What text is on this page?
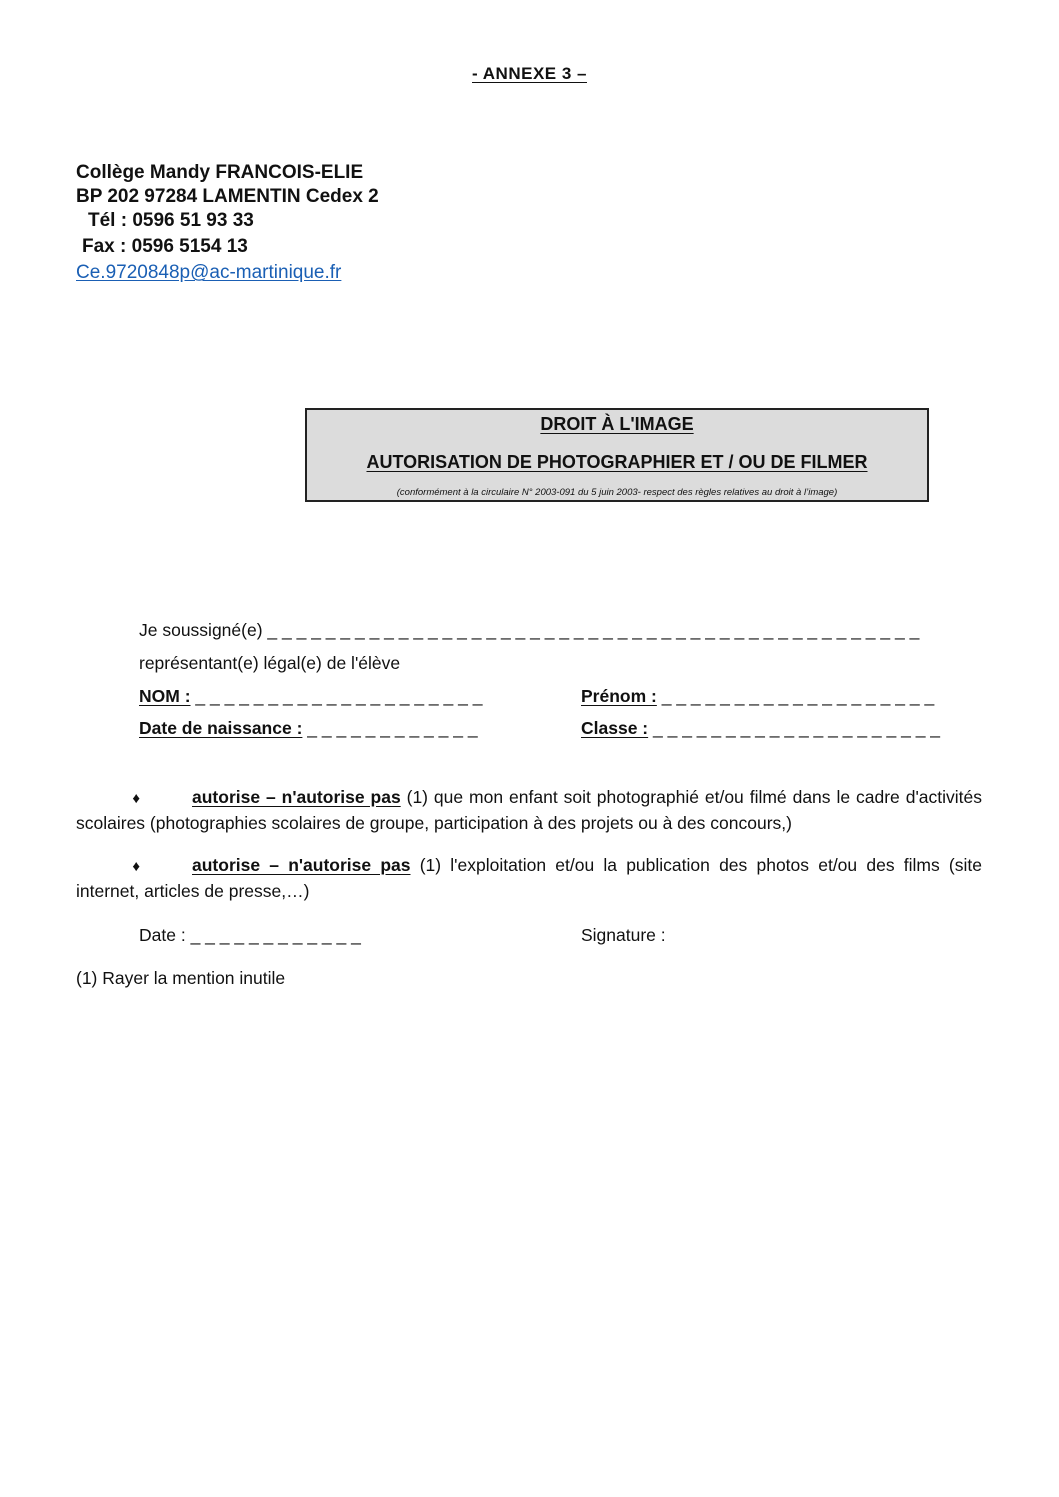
- ANNEXE 3 –
Collège Mandy FRANCOIS-ELIE
BP 202 97284 LAMENTIN Cedex 2
Tél : 0596 51 93 33
Fax : 0596 5154 13
Ce.9720848p@ac-martinique.fr
DROIT À L'IMAGE
AUTORISATION DE PHOTOGRAPHIER ET / OU DE FILMER
(conformément à la circulaire N° 2003-091 du 5 juin 2003- respect des règles relatives au droit à l’image)
Je soussigné(e) _ _ _ _ _ _ _ _ _ _ _ _ _ _ _ _ _ _ _ _ _ _ _ _ _ _ _ _ _ _ _ _ _ _ _ _ _ _ _ _ _ _ _ _ _
représentant(e) légal(e) de l'élève
NOM : _ _ _ _ _ _ _ _ _ _ _ _ _ _ _ _ _ _ _ _	Prénom : _ _ _ _ _ _ _ _ _ _ _ _ _ _ _ _ _ _ _
Date de naissance : _ _ _ _ _ _ _ _ _ _ _ _	Classe : _ _ _ _ _ _ _ _ _ _ _ _ _ _ _ _ _ _ _ _
♦	autorise – n'autorise pas (1) que mon enfant soit photographié et/ou filmé dans le cadre d'activités scolaires (photographies scolaires de groupe, participation à des projets ou à des concours,)
♦	autorise – n'autorise pas (1) l'exploitation et/ou la publication des photos et/ou des films (site internet, articles de presse,…)
Date : _ _ _ _ _ _ _ _ _ _ _ _	Signature :
(1) Rayer la mention inutile
